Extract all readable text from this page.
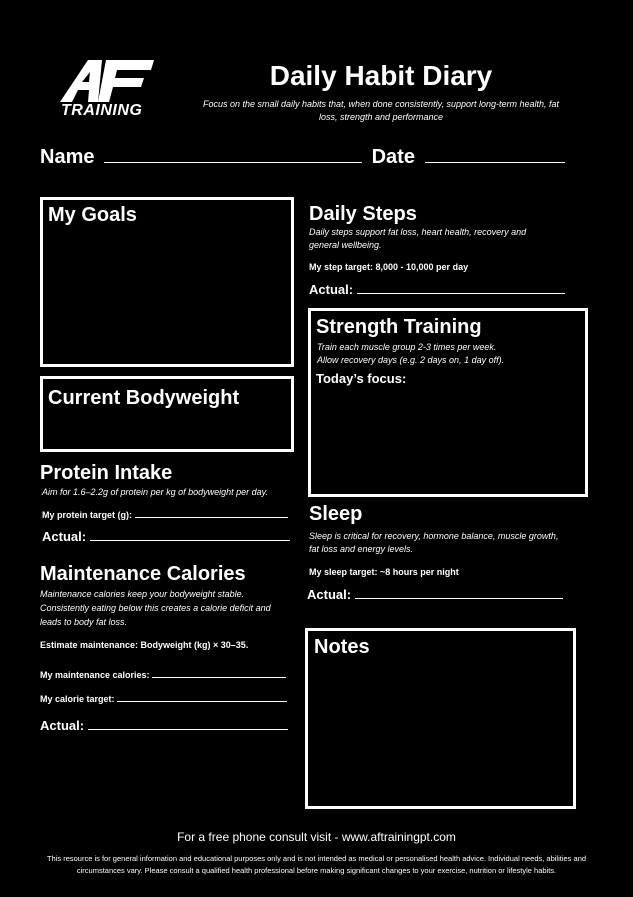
TRAINING
Daily Habit Diary
Focus on the small daily habits that, when done consistently, support long-term health, fat
loss, strength and performance
Name	Date
My Goals
Current Bodyweight
Protein Intake
Aim for 1.6–2.2g of protein per kg of bodyweight per day.
My protein target (g):
Actual:
Maintenance Calories
Maintenance calories keep your bodyweight stable.
Consistently eating below this creates a calorie deficit and
leads to body fat loss.
Estimate maintenance: Bodyweight (kg) × 30–35.
My maintenance calories:
My calorie target:
Actual:
Daily Steps
Daily steps support fat loss, heart health, recovery and
general wellbeing.
My step target: 8,000 - 10,000 per day
Actual:
Strength Training
Train each muscle group 2-3 times per week.
Allow recovery days (e.g. 2 days on, 1 day off).
Today’s focus:
Sleep
Sleep is critical for recovery, hormone balance, muscle growth,
fat loss and energy levels.
My sleep target: ~8 hours per night
Actual:
Notes
For a free phone consult visit - www.aftrainingpt.com
This resource is for general information and educational purposes only and is not intended as medical or personalised health advice. Individual needs, abilities and
circumstances vary. Please consult a qualified health professional before making significant changes to your exercise, nutrition or lifestyle habits.
